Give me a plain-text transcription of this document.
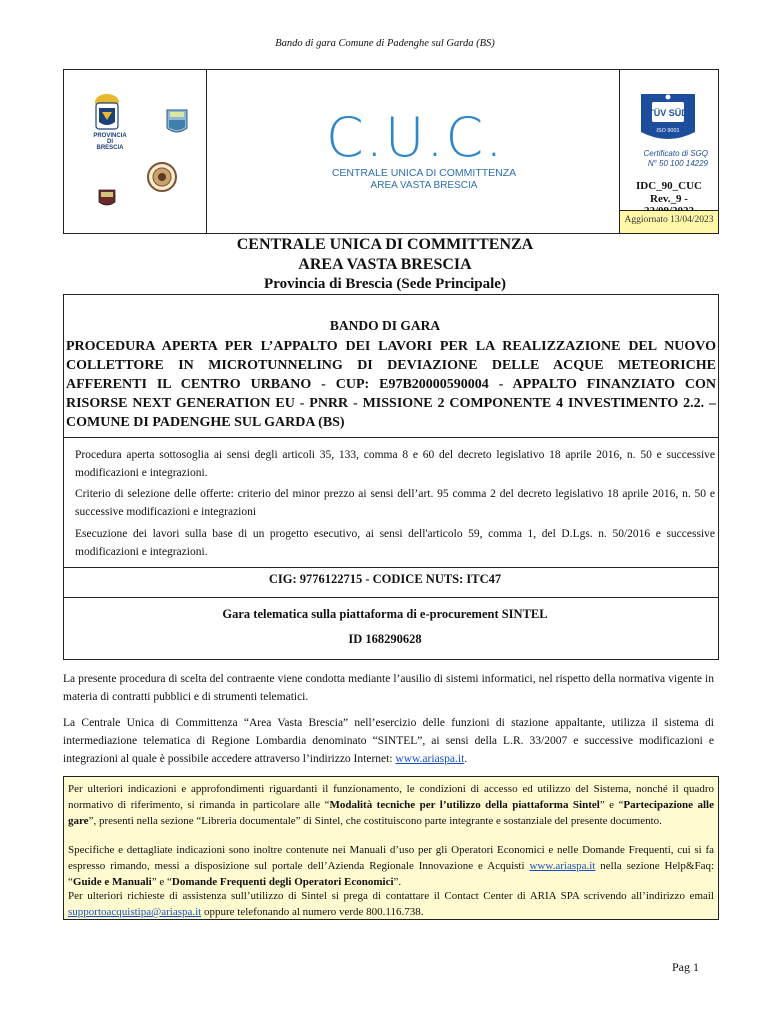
Bando di gara Comune di Padenghe sul Garda (BS)
PROVINCIA DI BRESCIA	C.U.C.
CENTRALE UNICA DI COMMITTENZA
AREA VASTA BRESCIA
TÜV SÜD
ISO 9001
Certificato di SGQ
N° 50 100 14229
IDC_90_CUC
Rev._9 -
Aggiornato 13/04/2023
CENTRALE UNICA DI COMMITTENZA
AREA VASTA BRESCIA
Provincia di Brescia (Sede Principale)
BANDO DI GARA
PROCEDURA APERTA PER L’APPALTO DEI LAVORI PER LA REALIZZAZIONE DEL NUOVO COLLETTORE IN MICROTUNNELING DI DEVIAZIONE DELLE ACQUE METEORICHE AFFERENTI IL CENTRO URBANO - CUP: E97B20000590004 - APPALTO FINANZIATO CON RISORSE NEXT GENERATION EU - PNRR - MISSIONE 2 COMPONENTE 4 INVESTIMENTO 2.2. – COMUNE DI PADENGHE SUL GARDA (BS)
Procedura aperta sottosoglia ai sensi degli articoli 35, 133, comma 8 e 60 del decreto legislativo 18 aprile 2016, n. 50 e successive modificazioni e integrazioni.
Criterio di selezione delle offerte: criterio del minor prezzo ai sensi dell’art. 95 comma 2 del decreto legislativo 18 aprile 2016, n. 50 e successive modificazioni e integrazioni
Esecuzione dei lavori sulla base di un progetto esecutivo, ai sensi dell'articolo 59, comma 1, del D.Lgs. n. 50/2016 e successive modificazioni e integrazioni.
CIG: 9776122715 - CODICE NUTS: ITC47
Gara telematica sulla piattaforma di e-procurement SINTEL
ID 168290628
La presente procedura di scelta del contraente viene condotta mediante l’ausilio di sistemi informatici, nel rispetto della normativa vigente in materia di contratti pubblici e di strumenti telematici.
La Centrale Unica di Committenza “Area Vasta Brescia” nell’esercizio delle funzioni di stazione appaltante, utilizza il sistema di intermediazione telematica di Regione Lombardia denominato “SINTEL”, ai sensi della L.R. 33/2007 e successive modificazioni e integrazioni al quale è possibile accedere attraverso l’indirizzo Internet: www.ariaspa.it.
Per ulteriori indicazioni e approfondimenti riguardanti il funzionamento, le condizioni di accesso ed utilizzo del Sistema, nonché il quadro normativo di riferimento, si rimanda in particolare alle “Modalità tecniche per l’utilizzo della piattaforma Sintel” e “Partecipazione alle gare”, presenti nella sezione “Libreria documentale” di Sintel, che costituiscono parte integrante e sostanziale del presente documento.
Specifiche e dettagliate indicazioni sono inoltre contenute nei Manuali d’uso per gli Operatori Economici e nelle Domande Frequenti, cui si fa espresso rimando, messi a disposizione sul portale dell’Azienda Regionale Innovazione e Acquisti www.ariaspa.it nella sezione Help&Faq: “Guide e Manuali” e “Domande Frequenti degli Operatori Economici”.
Per ulteriori richieste di assistenza sull’utilizzo di Sintel si prega di contattare il Contact Center di ARIA SPA scrivendo all’indirizzo email supportoacquistipa@ariaspa.it oppure telefonando al numero verde 800.116.738.
Pag 1
